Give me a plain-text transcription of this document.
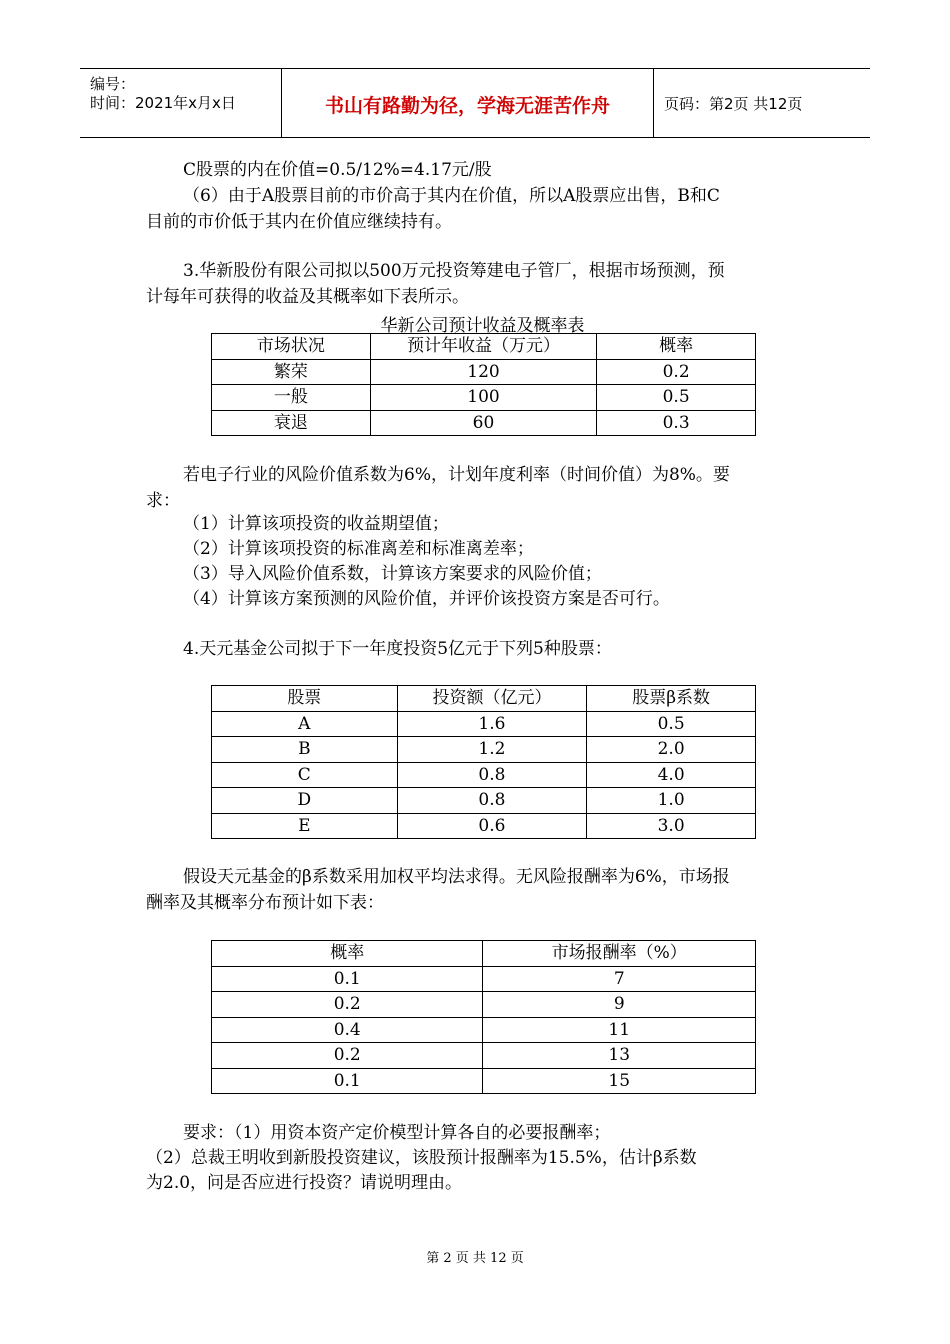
编号：
时间：2021年x月x日	书山有路勤为径，学海无涯苦作舟	页码：第2页 共12页
C股票的内在价值=0.5/12%=4.17元/股
（6）由于A股票目前的市价高于其内在价值，所以A股票应出售，B和C
目前的市价低于其内在价值应继续持有。
3.华新股份有限公司拟以500万元投资筹建电子管厂，根据市场预测，预
计每年可获得的收益及其概率如下表所示。
华新公司预计收益及概率表
市场状况	预计年收益（万元）	概率
繁荣	120	0.2
一般	100	0.5
衰退	60	0.3
若电子行业的风险价值系数为6%，计划年度利率（时间价值）为8%。要
求：
（1）计算该项投资的收益期望值；
（2）计算该项投资的标准离差和标准离差率；
（3）导入风险价值系数，计算该方案要求的风险价值；
（4）计算该方案预测的风险价值，并评价该投资方案是否可行。
4.天元基金公司拟于下一年度投资5亿元于下列5种股票：
股票	投资额（亿元）	股票β系数
A	1.6	0.5
B	1.2	2.0
C	0.8	4.0
D	0.8	1.0
E	0.6	3.0
假设天元基金的β系数采用加权平均法求得。无风险报酬率为6%，市场报
酬率及其概率分布预计如下表：
概率	市场报酬率（%）
0.1	7
0.2	9
0.4	11
0.2	13
0.1	15
要求：（1）用资本资产定价模型计算各自的必要报酬率；
（2）总裁王明收到新股投资建议，该股预计报酬率为15.5%，估计β系数
为2.0，问是否应进行投资？请说明理由。
第 2 页 共 12 页
